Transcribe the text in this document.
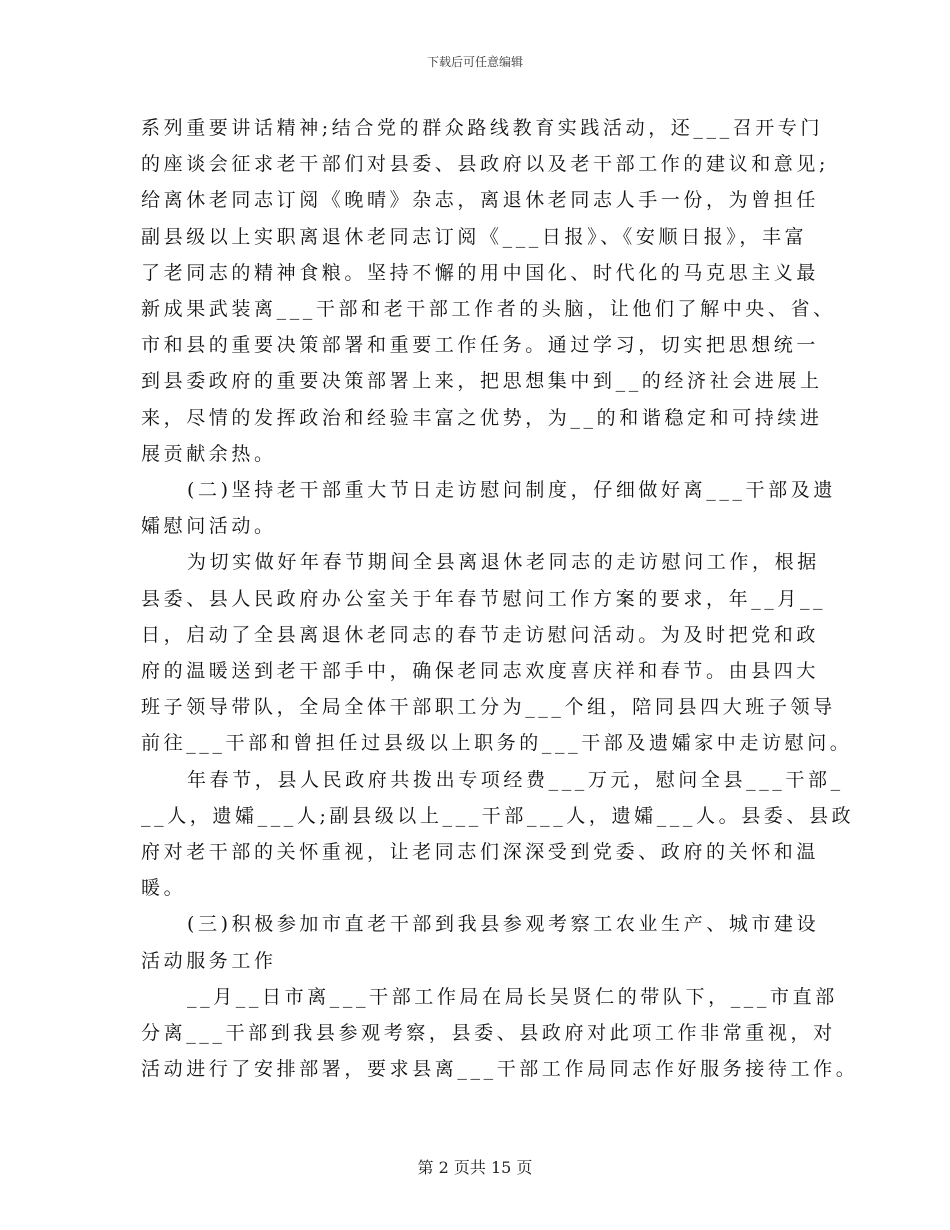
下载后可任意编辑

系列重要讲话精神;结合党的群众路线教育实践活动，还___召开专门
的座谈会征求老干部们对县委、县政府以及老干部工作的建议和意见;
给离休老同志订阅《晚晴》杂志，离退休老同志人手一份，为曾担任
副县级以上实职离退休老同志订阅《___日报》、《安顺日报》，丰富
了老同志的精神食粮。坚持不懈的用中国化、时代化的马克思主义最
新成果武装离___干部和老干部工作者的头脑，让他们了解中央、省、
市和县的重要决策部署和重要工作任务。通过学习，切实把思想统一
到县委政府的重要决策部署上来，把思想集中到__的经济社会进展上
来，尽情的发挥政治和经验丰富之优势，为__的和谐稳定和可持续进
展贡献余热。

(二)坚持老干部重大节日走访慰问制度，仔细做好离___干部及遗
孀慰问活动。

为切实做好年春节期间全县离退休老同志的走访慰问工作，根据
县委、县人民政府办公室关于年春节慰问工作方案的要求，年__月__
日，启动了全县离退休老同志的春节走访慰问活动。为及时把党和政
府的温暖送到老干部手中，确保老同志欢度喜庆祥和春节。由县四大
班子领导带队，全局全体干部职工分为___个组，陪同县四大班子领导
前往___干部和曾担任过县级以上职务的___干部及遗孀家中走访慰问。

年春节，县人民政府共拨出专项经费___万元，慰问全县___干部_
__人，遗孀___人;副县级以上___干部___人，遗孀___人。县委、县政
府对老干部的关怀重视，让老同志们深深受到党委、政府的关怀和温
暖。

(三)积极参加市直老干部到我县参观考察工农业生产、城市建设
活动服务工作

__月__日市离___干部工作局在局长吴贤仁的带队下，___市直部
分离___干部到我县参观考察，县委、县政府对此项工作非常重视，对
活动进行了安排部署，要求县离___干部工作局同志作好服务接待工作。

第 2 页共 15 页
